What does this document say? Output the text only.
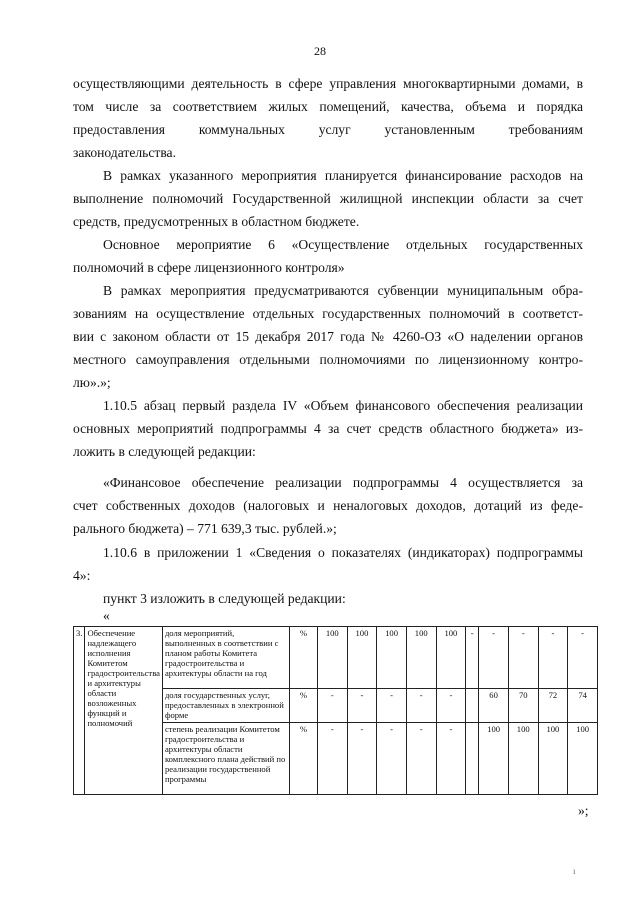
28
осуществляющими деятельность в сфере управления многоквартирными домами, в
том числе за соответствием жилых помещений, качества, объема и порядка
предоставления коммунальных услуг установленным требованиям
законодательства.
В рамках указанного мероприятия планируется финансирование расходов на
выполнение полномочий Государственной жилищной инспекции области за счет
средств, предусмотренных в областном бюджете.
Основное мероприятие 6 «Осуществление отдельных государственных
полномочий в сфере лицензионного контроля»
В рамках мероприятия предусматриваются субвенции муниципальным обра-
зованиям на осуществление отдельных государственных полномочий в соответст-
вии с законом области от 15 декабря 2017 года № 4260-ОЗ «О наделении органов
местного самоуправления отдельными полномочиями по лицензионному контро-
лю».»;
1.10.5 абзац первый раздела IV «Объем финансового обеспечения реализации
основных мероприятий подпрограммы 4 за счет средств областного бюджета» из-
ложить в следующей редакции:
«Финансовое обеспечение реализации подпрограммы 4 осуществляется за
счет собственных доходов (налоговых и неналоговых доходов, дотаций из феде-
рального бюджета) – 771 639,3 тыс. рублей.»;
1.10.6 в приложении 1 «Сведения о показателях (индикаторах) подпрограммы
4»:
пункт 3 изложить в следующей редакции:
«
3.	Обеспечение надлежащего исполнения Комитетом градостроительства и архитектуры области возложенных функций и полномочий	доля мероприятий, выполненных в соответствии с планом работы Комитета градостроительства и архитектуры области на год	%	100	100	100	100	100	-	-	-	-	-
		доля государственных услуг, предоставленных в электронной форме	%	-	-	-	-	-		60	70	72	74
		степень реализации Комитетом градостроительства и архитектуры области комплексного плана действий по реализации государственной программы	%	-	-	-	-	-		100	100	100	100
»;
ı
